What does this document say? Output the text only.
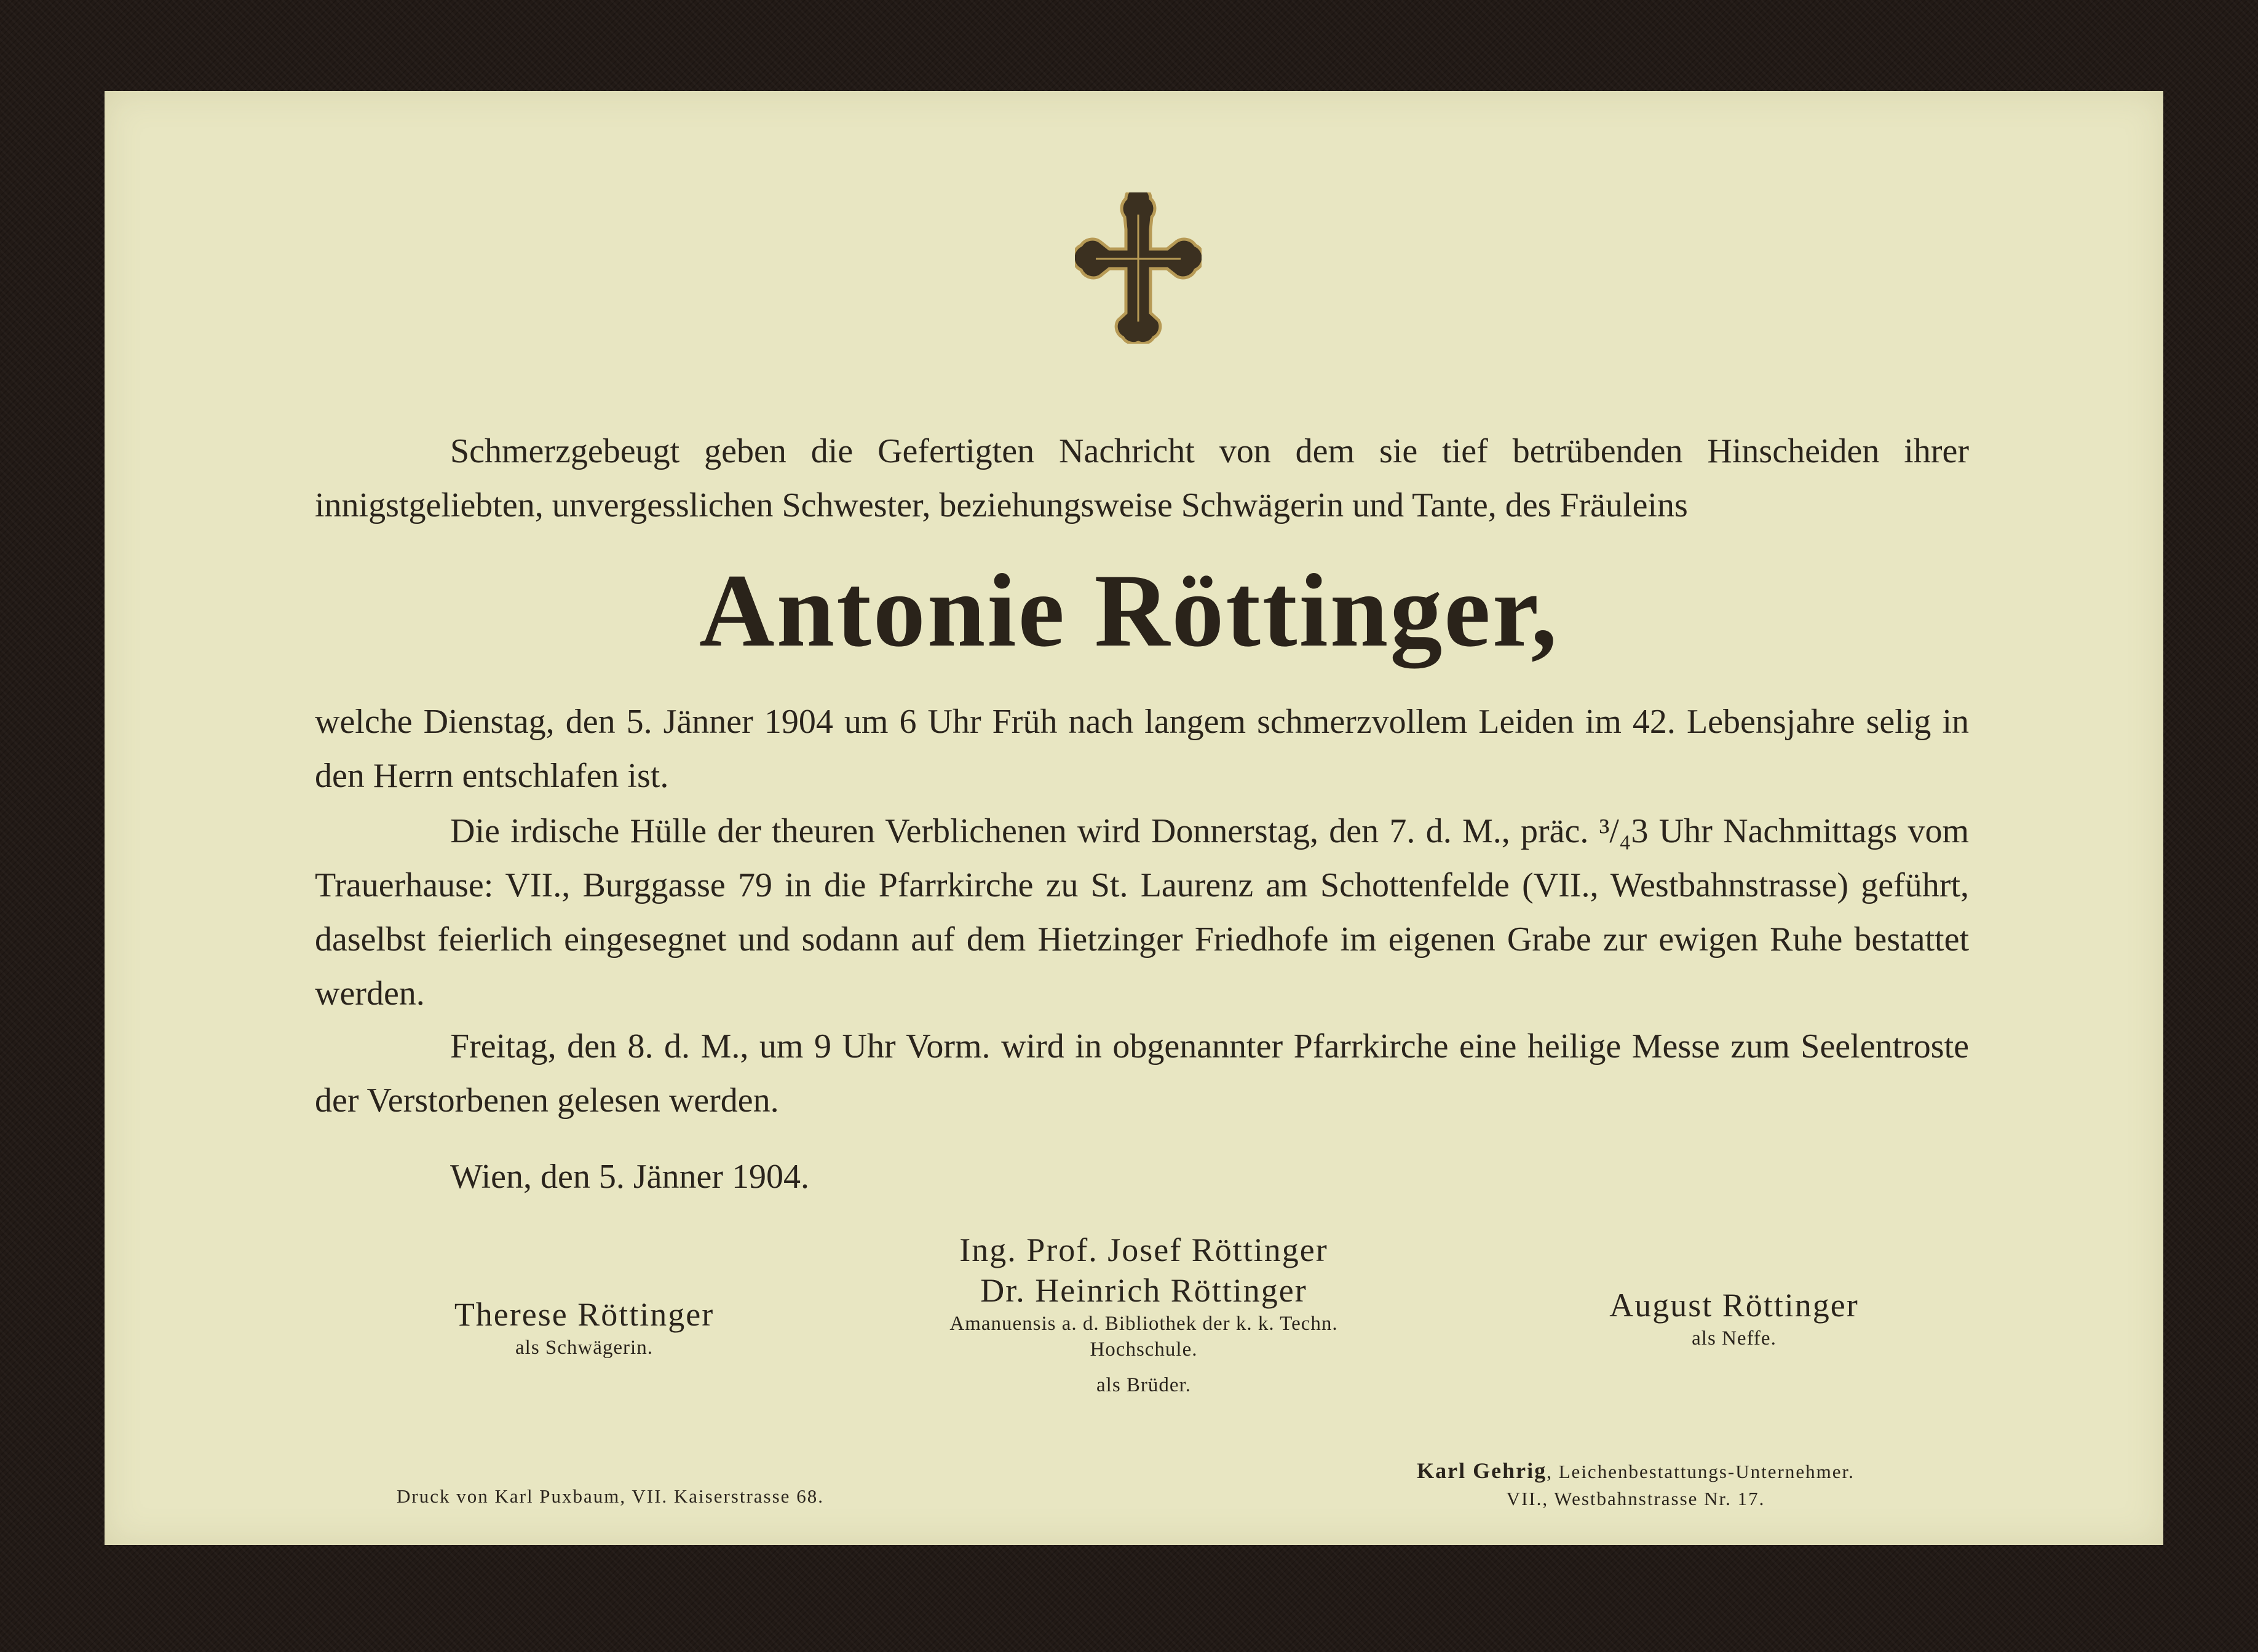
Schmerzgebeugt geben die Gefertigten Nachricht von dem sie tief betrübenden Hinscheiden ihrer innigstgeliebten, unvergesslichen Schwester, beziehungsweise Schwägerin und Tante, des Fräuleins

Antonie Röttinger,

welche Dienstag, den 5. Jänner 1904 um 6 Uhr Früh nach langem schmerzvollem Leiden im 42. Lebensjahre selig in den Herrn entschlafen ist.

Die irdische Hülle der theuren Verblichenen wird Donnerstag, den 7. d. M., präc. ³/₄3 Uhr Nachmittags vom Trauerhause: VII., Burggasse 79 in die Pfarrkirche zu St. Laurenz am Schottenfelde (VII., Westbahnstrasse) geführt, daselbst feierlich eingesegnet und sodann auf dem Hietzinger Friedhofe im eigenen Grabe zur ewigen Ruhe bestattet werden.

Freitag, den 8. d. M., um 9 Uhr Vorm. wird in obgenannter Pfarrkirche eine heilige Messe zum Seelentroste der Verstorbenen gelesen werden.

Wien, den 5. Jänner 1904.

Therese Röttinger
als Schwägerin.
Ing. Prof. Josef Röttinger
Dr. Heinrich Röttinger
Amanuensis a. d. Bibliothek der k. k. Techn. Hochschule.
als Brüder.
August Röttinger
als Neffe.
Druck von Karl Puxbaum, VII. Kaiserstrasse 68.
Karl Gehrig, Leichenbestattungs-Unternehmer.
VII., Westbahnstrasse Nr. 17.
